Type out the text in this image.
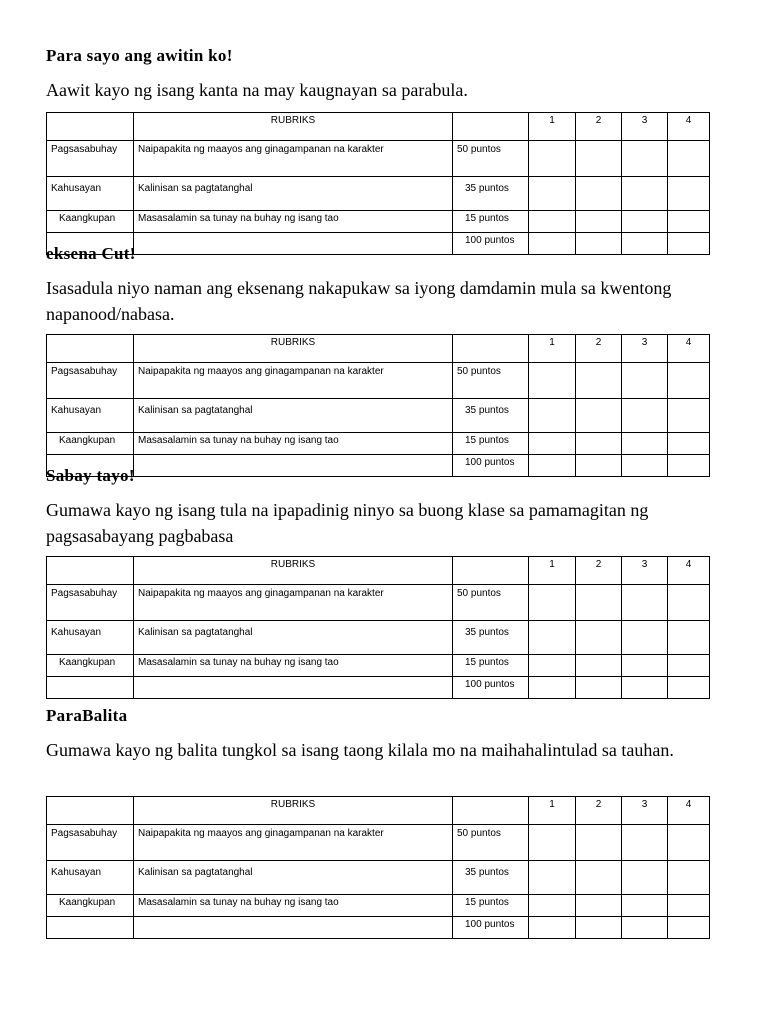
Para sayo ang awitin ko!
Aawit kayo ng isang kanta na may kaugnayan sa parabula.
	RUBRIKS		1	2	3	4
Pagsasabuhay	Naipapakita ng maayos ang ginagampanan na karakter	50 puntos				
Kahusayan	Kalinisan sa pagtatanghal	35 puntos				
Kaangkupan	Masasalamin sa tunay na buhay ng isang tao	15 puntos				
		100 puntos				
eksena Cut!
Isasadula niyo naman ang eksenang nakapukaw sa iyong damdamin mula sa kwentong napanood/nabasa.
	RUBRIKS		1	2	3	4
Pagsasabuhay	Naipapakita ng maayos ang ginagampanan na karakter	50 puntos				
Kahusayan	Kalinisan sa pagtatanghal	35 puntos				
Kaangkupan	Masasalamin sa tunay na buhay ng isang tao	15 puntos				
		100 puntos				
Sabay tayo!
Gumawa kayo ng isang tula na ipapadinig ninyo sa buong klase sa pamamagitan ng pagsasabayang pagbabasa
	RUBRIKS		1	2	3	4
Pagsasabuhay	Naipapakita ng maayos ang ginagampanan na karakter	50 puntos				
Kahusayan	Kalinisan sa pagtatanghal	35 puntos				
Kaangkupan	Masasalamin sa tunay na buhay ng isang tao	15 puntos				
		100 puntos				
ParaBalita
Gumawa kayo ng balita tungkol sa isang taong kilala mo na maihahalintulad sa tauhan.
	RUBRIKS		1	2	3	4
Pagsasabuhay	Naipapakita ng maayos ang ginagampanan na karakter	50 puntos				
Kahusayan	Kalinisan sa pagtatanghal	35 puntos				
Kaangkupan	Masasalamin sa tunay na buhay ng isang tao	15 puntos				
		100 puntos				
